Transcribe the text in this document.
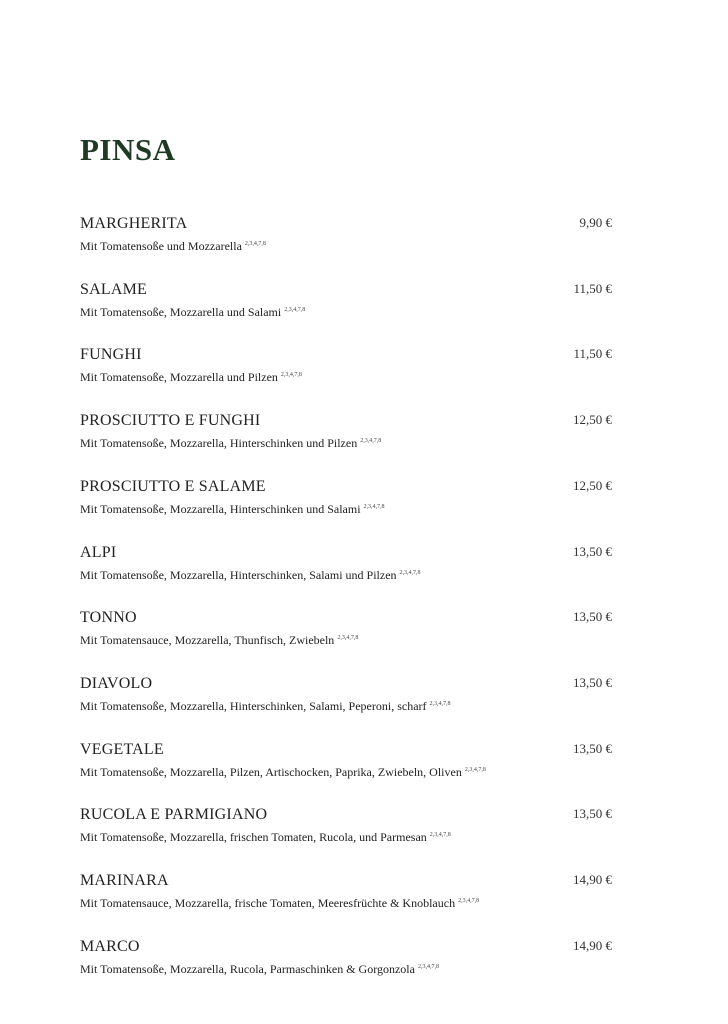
PINSA
MARGHERITA	9,90 €
Mit Tomatensoße und Mozzarella $^{2,3,4,7,8}$
SALAME	11,50 €
Mit Tomatensoße, Mozzarella und Salami $^{2,3,4,7,8}$
FUNGHI	11,50 €
Mit Tomatensoße, Mozzarella und Pilzen $^{2,3,4,7,8}$
PROSCIUTTO E FUNGHI	12,50 €
Mit Tomatensoße, Mozzarella, Hinterschinken und Pilzen $^{2,3,4,7,8}$
PROSCIUTTO E SALAME	12,50 €
Mit Tomatensoße, Mozzarella, Hinterschinken und Salami $^{2,3,4,7,8}$
ALPI	13,50 €
Mit Tomatensoße, Mozzarella, Hinterschinken, Salami und Pilzen $^{2,3,4,7,8}$
TONNO	13,50 €
Mit Tomatensauce, Mozzarella, Thunfisch, Zwiebeln $^{2,3,4,7,8}$
DIAVOLO	13,50 €
Mit Tomatensoße, Mozzarella, Hinterschinken, Salami, Peperoni, scharf $^{2,3,4,7,8}$
VEGETALE	13,50 €
Mit Tomatensoße, Mozzarella, Pilzen, Artischocken, Paprika, Zwiebeln, Oliven $^{2,3,4,7,8}$
RUCOLA E PARMIGIANO	13,50 €
Mit Tomatensoße, Mozzarella, frischen Tomaten, Rucola, und Parmesan $^{2,3,4,7,8}$
MARINARA	14,90 €
Mit Tomatensauce, Mozzarella, frische Tomaten, Meeresfrüchte & Knoblauch $^{2,3,4,7,8}$
MARCO	14,90 €
Mit Tomatensoße, Mozzarella, Rucola, Parmaschinken & Gorgonzola $^{2,3,4,7,8}$
